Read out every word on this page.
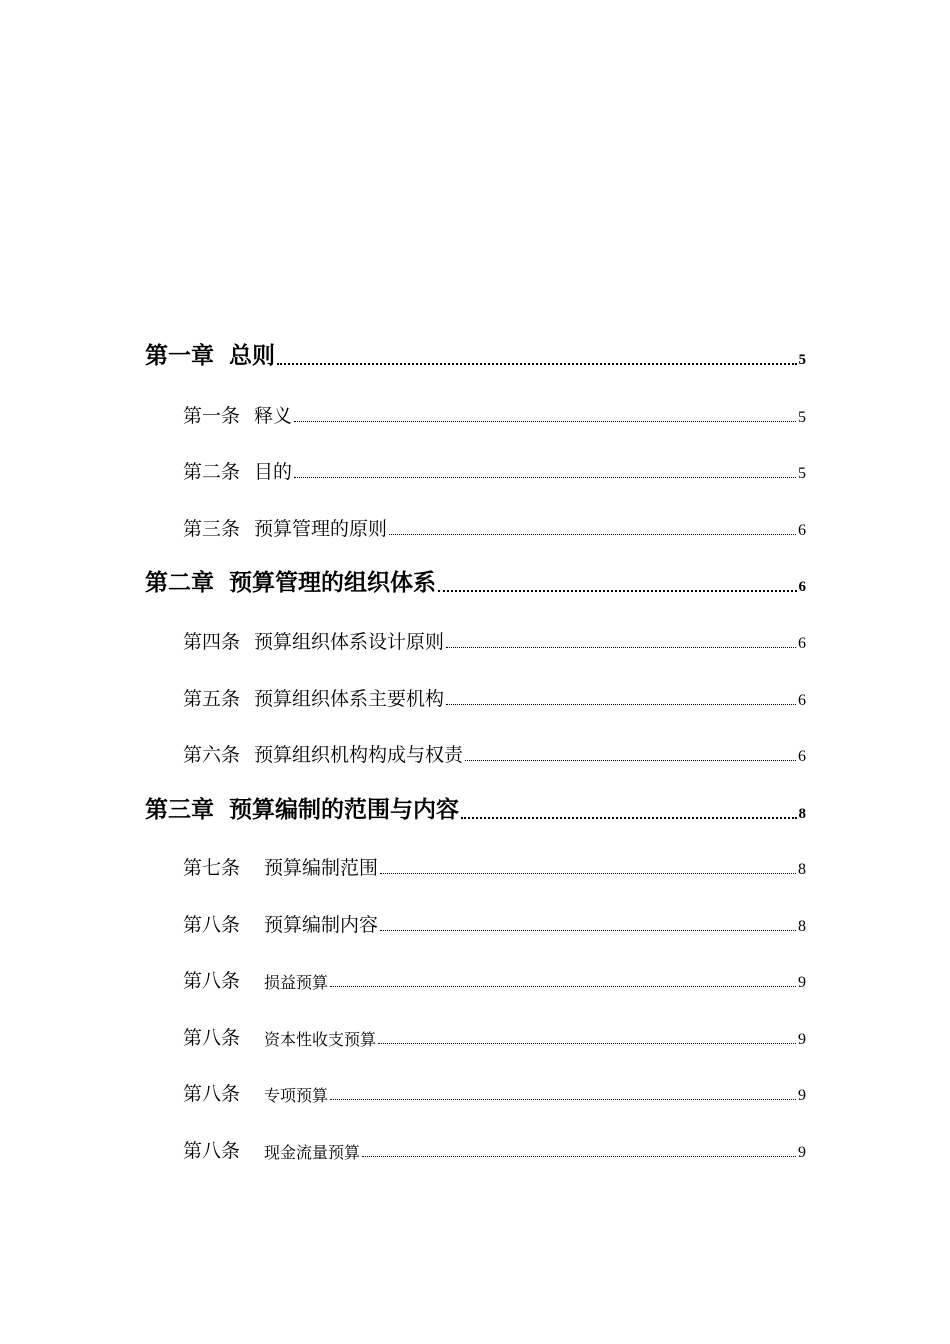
第一章 总则	5
第一条 释义	5
第二条 目的	5
第三条 预算管理的原则	6
第二章 预算管理的组织体系	6
第四条 预算组织体系设计原则	6
第五条 预算组织体系主要机构	6
第六条 预算组织机构构成与权责	6
第三章 预算编制的范围与内容	8
第七条 预算编制范围	8
第八条 预算编制内容	8
第八条 损益预算	9
第八条 资本性收支预算	9
第八条 专项预算	9
第八条 现金流量预算	9
